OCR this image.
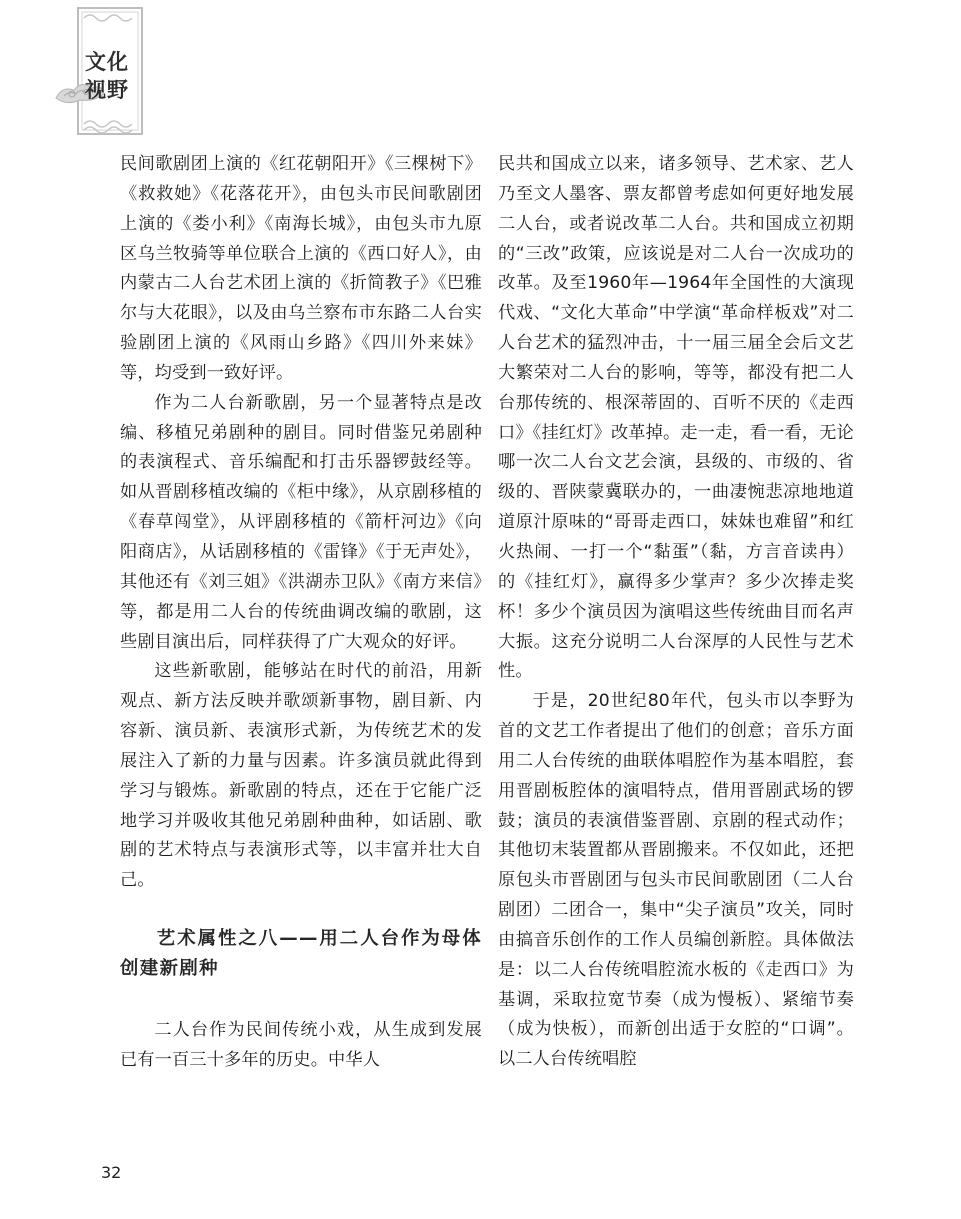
文化
视野

民间歌剧团上演的《红花朝阳开》《三棵树下》《救救她》《花落花开》，由包头市民间歌剧团上演的《娄小利》《南海长城》，由包头市九原区乌兰牧骑等单位联合上演的《西口好人》，由内蒙古二人台艺术团上演的《折简教子》《巴雅尔与大花眼》，以及由乌兰察布市东路二人台实验剧团上演的《风雨山乡路》《四川外来妹》等，均受到一致好评。

作为二人台新歌剧，另一个显著特点是改编、移植兄弟剧种的剧目。同时借鉴兄弟剧种的表演程式、音乐编配和打击乐器锣鼓经等。如从晋剧移植改编的《柜中缘》，从京剧移植的《春草闯堂》，从评剧移植的《箭杆河边》《向阳商店》，从话剧移植的《雷锋》《于无声处》，其他还有《刘三姐》《洪湖赤卫队》《南方来信》等，都是用二人台的传统曲调改编的歌剧，这些剧目演出后，同样获得了广大观众的好评。

这些新歌剧，能够站在时代的前沿，用新观点、新方法反映并歌颂新事物，剧目新、内容新、演员新、表演形式新，为传统艺术的发展注入了新的力量与因素。许多演员就此得到学习与锻炼。新歌剧的特点，还在于它能广泛地学习并吸收其他兄弟剧种曲种，如话剧、歌剧的艺术特点与表演形式等，以丰富并壮大自己。

艺术属性之八——用二人台作为母体 创建新剧种

二人台作为民间传统小戏，从生成到发展已有一百三十多年的历史。中华人

民共和国成立以来，诸多领导、艺术家、艺人乃至文人墨客、票友都曾考虑如何更好地发展二人台，或者说改革二人台。共和国成立初期的“三改”政策，应该说是对二人台一次成功的改革。及至1960年—1964年全国性的大演现代戏、“文化大革命”中学演“革命样板戏”对二人台艺术的猛烈冲击，十一届三届全会后文艺大繁荣对二人台的影响，等等，都没有把二人台那传统的、根深蒂固的、百听不厌的《走西口》《挂红灯》改革掉。走一走，看一看，无论哪一次二人台文艺会演，县级的、市级的、省级的、晋陕蒙冀联办的，一曲凄惋悲凉地地道道原汁原味的“哥哥走西口，妹妹也难留”和红火热闹、一打一个“黏蛋”（黏，方言音读冉）的《挂红灯》，赢得多少掌声？多少次捧走奖杯！多少个演员因为演唱这些传统曲目而名声大振。这充分说明二人台深厚的人民性与艺术性。

于是，20世纪80年代，包头市以李野为首的文艺工作者提出了他们的创意；音乐方面用二人台传统的曲联体唱腔作为基本唱腔，套用晋剧板腔体的演唱特点，借用晋剧武场的锣鼓；演员的表演借鉴晋剧、京剧的程式动作；其他切末装置都从晋剧搬来。不仅如此，还把原包头市晋剧团与包头市民间歌剧团（二人台剧团）二团合一，集中“尖子演员”攻关，同时由搞音乐创作的工作人员编创新腔。具体做法是：以二人台传统唱腔流水板的《走西口》为基调，采取拉宽节奏（成为慢板）、紧缩节奏（成为快板），而新创出适于女腔的“口调”。以二人台传统唱腔

32
